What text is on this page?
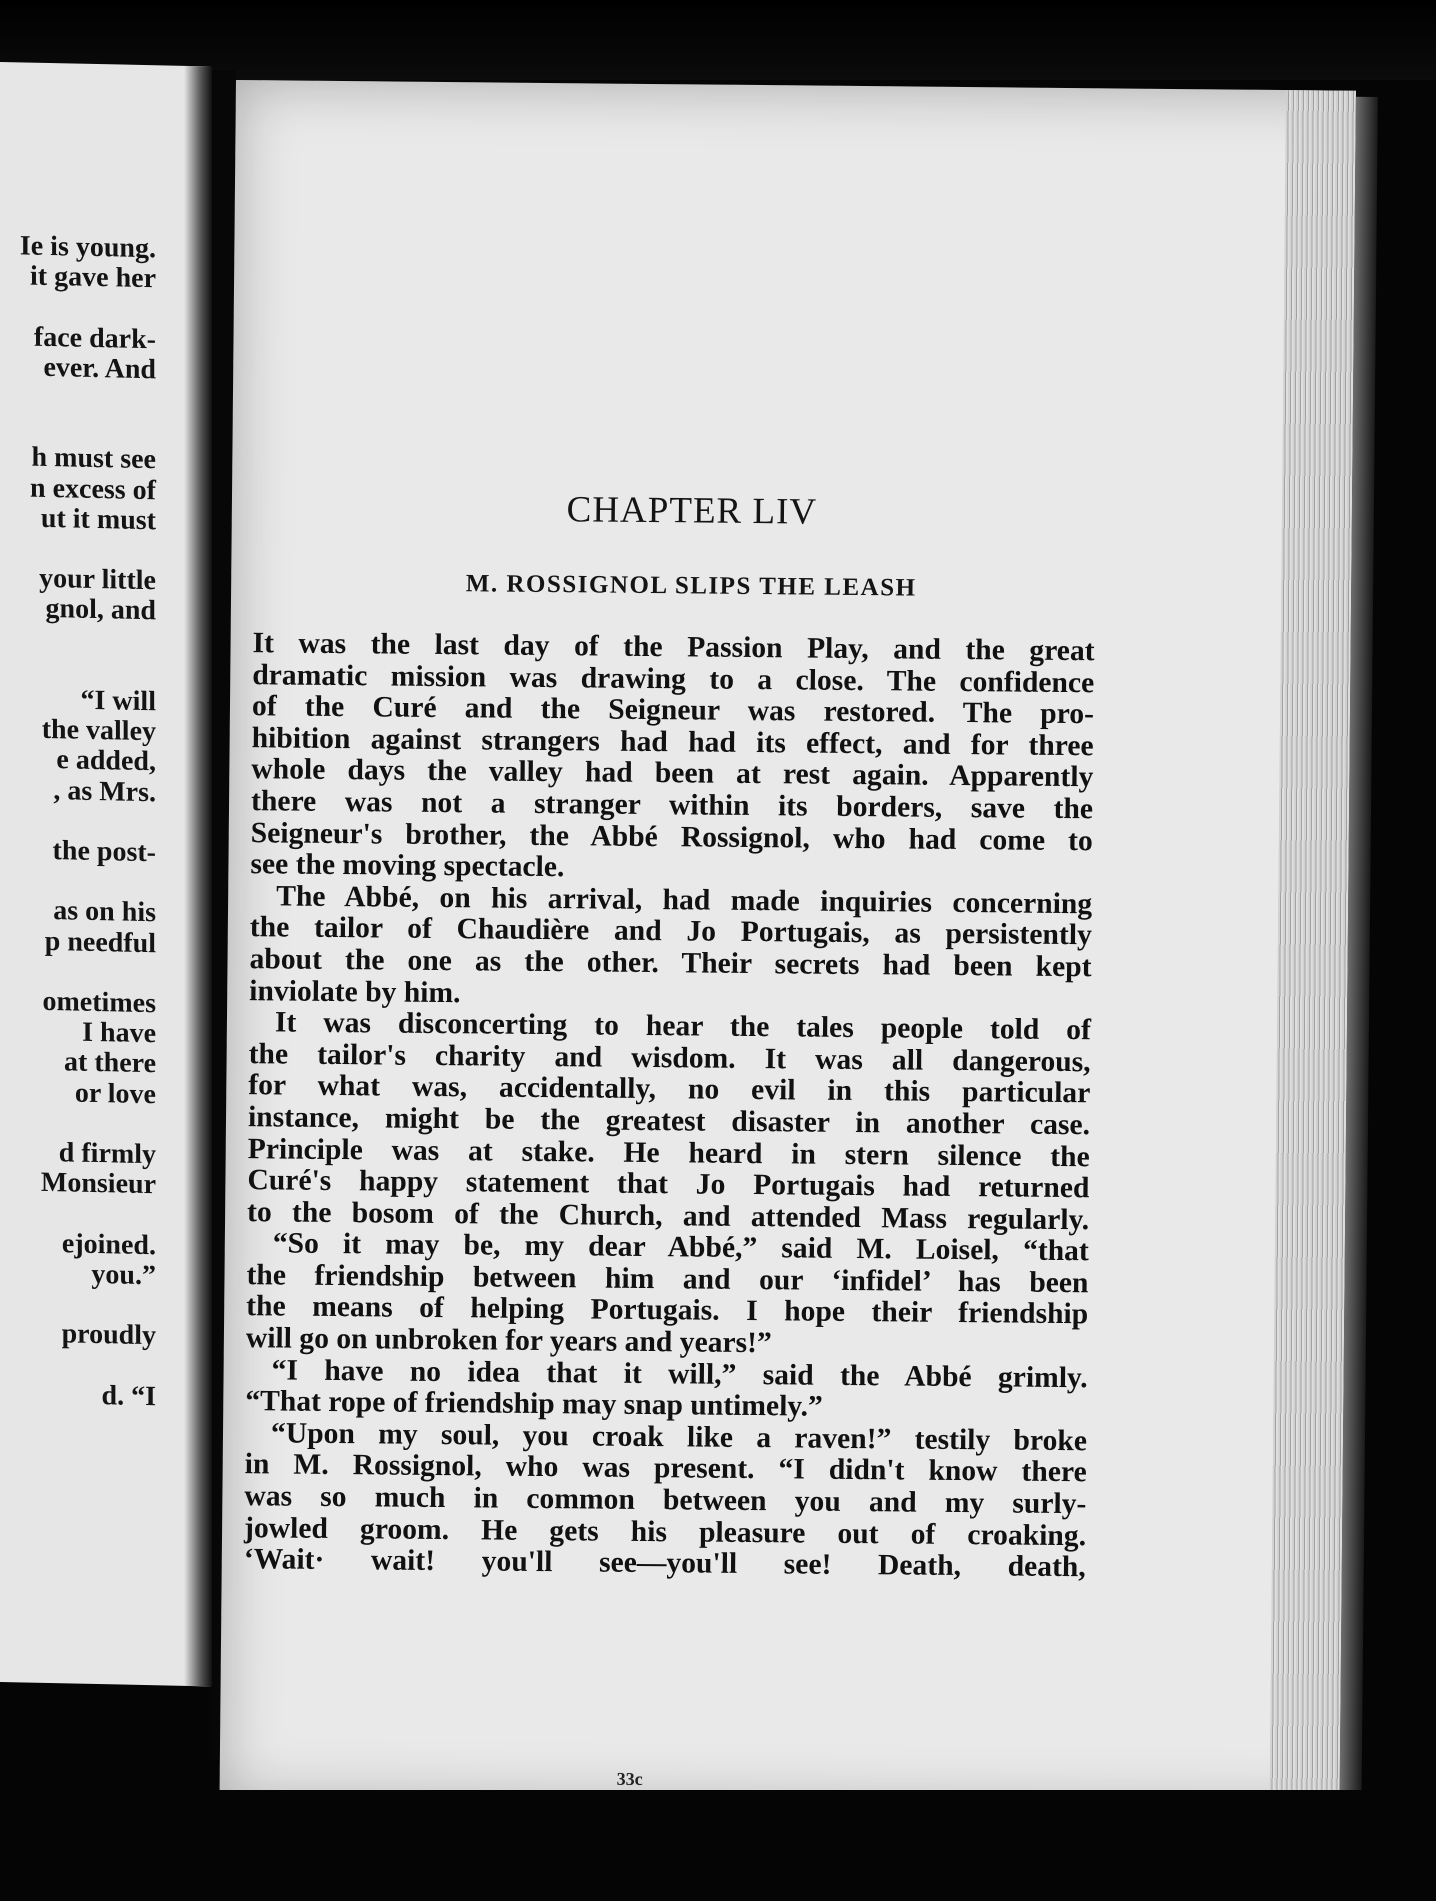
Ie is young.
it gave her
face dark-
ever. And
h must see
n excess of
ut it must
your little
gnol, and
“I will
the valley
e added,
, as Mrs.
the post-
as on his
p needful
ometimes
I have
at there
or love
d firmly
Monsieur
ejoined.
you.”
proudly
d. “I
CHAPTER LIV
M. ROSSIGNOL SLIPS THE LEASH
It was the last day of the Passion Play, and the great
dramatic mission was drawing to a close. The confidence
of the Curé and the Seigneur was restored. The pro-
hibition against strangers had had its effect, and for three
whole days the valley had been at rest again. Apparently
there was not a stranger within its borders, save the
Seigneur's brother, the Abbé Rossignol, who had come to
see the moving spectacle.
The Abbé, on his arrival, had made inquiries concerning
the tailor of Chaudière and Jo Portugais, as persistently
about the one as the other. Their secrets had been kept
inviolate by him.
It was disconcerting to hear the tales people told of
the tailor's charity and wisdom. It was all dangerous,
for what was, accidentally, no evil in this particular
instance, might be the greatest disaster in another case.
Principle was at stake. He heard in stern silence the
Curé's happy statement that Jo Portugais had returned
to the bosom of the Church, and attended Mass regularly.
“So it may be, my dear Abbé,” said M. Loisel, “that
the friendship between him and our ‘infidel’ has been
the means of helping Portugais. I hope their friendship
will go on unbroken for years and years!”
“I have no idea that it will,” said the Abbé grimly.
“That rope of friendship may snap untimely.”
“Upon my soul, you croak like a raven!” testily broke
in M. Rossignol, who was present. “I didn't know there
was so much in common between you and my surly-
jowled groom. He gets his pleasure out of croaking.
‘Wait· wait! you'll see—you'll see! Death, death,
33c
